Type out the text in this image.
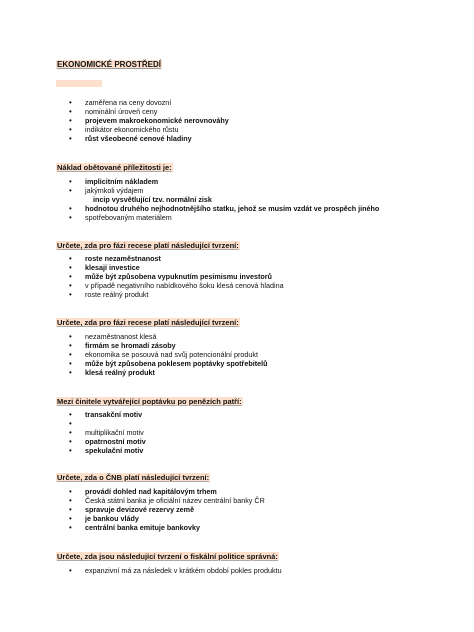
EKONOMICKÉ PROSTŘEDÍ
• zaměřena na ceny dovozní
• nominální úroveň ceny
• projevem makroekonomické nerovnováhy
• indikátor ekonomického růstu
• růst všeobecné cenové hladiny
Náklad obětované příležitosti je:
• implicitním nákladem
• jakýmkoli výdajem
incip vysvětlující tzv. normální zisk
• hodnotou druhého nejhodnotnějšího statku, jehož se musím vzdát ve prospěch jiného
• spotřebovaným materiálem
Určete, zda pro fázi recese platí následující tvrzení:
• roste nezaměstnanost
• klesají investice
• může být způsobena vypuknutím pesimismu investorů
• v případě negativního nabídkového šoku klesá cenová hladina
• roste reálný produkt
Určete, zda pro fázi recese platí následující tvrzení:
• nezaměstnanost klesá
• firmám se hromadí zásoby
• ekonomika se posouvá nad svůj potencionální produkt
• může být způsobena poklesem poptávky spotřebitelů
• klesá reálný produkt
Mezi činitele vytvářející poptávku po penězích patří:
• transakční motiv
•
• multiplikační motiv
• opatrnostní motiv
• spekulační motiv
Určete, zda o ČNB platí následující tvrzení:
• provádí dohled nad kapitálovým trhem
• Česká státní banka je oficiální název centrální banky ČR
• spravuje devizové rezervy země
• je bankou vlády
• centrální banka emituje bankovky
Určete, zda jsou následující tvrzení o fiskální politice správná:
• expanzivní má za následek v krátkém období pokles produktu
